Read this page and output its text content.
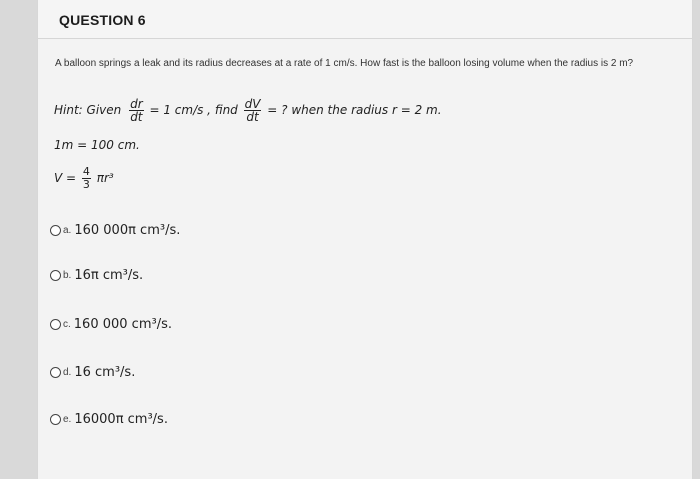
QUESTION 6
A balloon springs a leak and its radius decreases at a rate of 1 cm/s. How fast is the balloon losing volume when the radius is 2 m?
Hint: Given $\frac{dr}{dt} = 1$ cm/s , find $\frac{dV}{dt}$ = ? when the radius r = 2 m.
1m = 100 cm.
$V = \frac{4}{3} \pi r^3$
a. 160 000π cm³/s.
b. 16π cm³/s.
c. 160 000 cm³/s.
d. 16 cm³/s.
e. 16000π cm³/s.
